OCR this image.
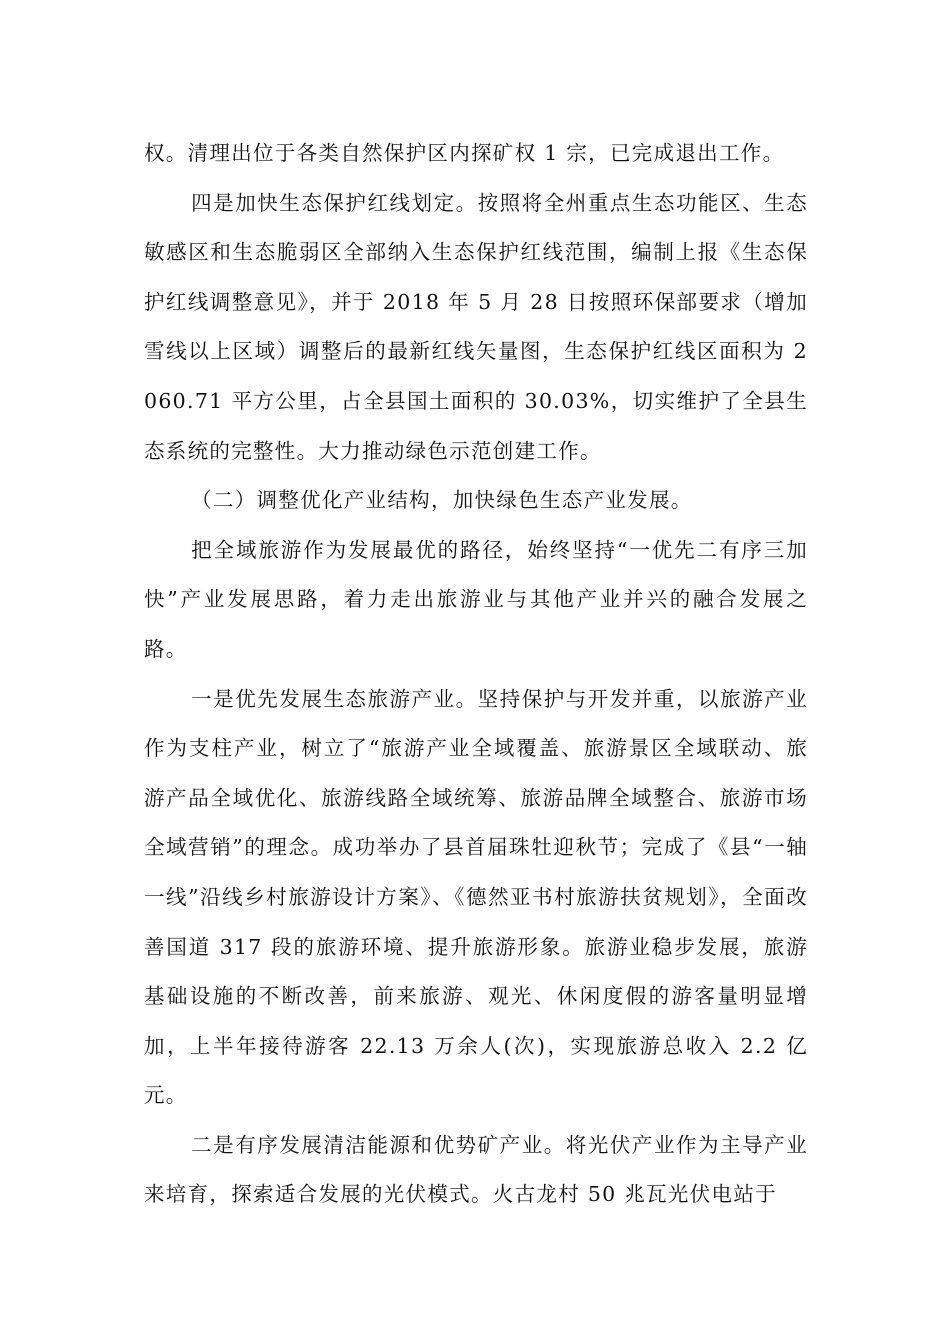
权。清理出位于各类自然保护区内探矿权 1 宗，已完成退出工作。

四是加快生态保护红线划定。按照将全州重点生态功能区、生态敏感区和生态脆弱区全部纳入生态保护红线范围，编制上报《生态保护红线调整意见》，并于 2018 年 5 月 28 日按照环保部要求（增加雪线以上区域）调整后的最新红线矢量图，生态保护红线区面积为 2060.71 平方公里，占全县国土面积的 30.03%，切实维护了全县生态系统的完整性。大力推动绿色示范创建工作。

（二）调整优化产业结构，加快绿色生态产业发展。

把全域旅游作为发展最优的路径，始终坚持“一优先二有序三加快”产业发展思路，着力走出旅游业与其他产业并兴的融合发展之路。

一是优先发展生态旅游产业。坚持保护与开发并重，以旅游产业作为支柱产业，树立了“旅游产业全域覆盖、旅游景区全域联动、旅游产品全域优化、旅游线路全域统筹、旅游品牌全域整合、旅游市场全域营销”的理念。成功举办了县首届珠牡迎秋节；完成了《县“一轴一线”沿线乡村旅游设计方案》、《德然亚书村旅游扶贫规划》，全面改善国道 317 段的旅游环境、提升旅游形象。旅游业稳步发展，旅游基础设施的不断改善，前来旅游、观光、休闲度假的游客量明显增加，上半年接待游客 22.13 万余人(次)，实现旅游总收入 2.2 亿元。

二是有序发展清洁能源和优势矿产业。将光伏产业作为主导产业来培育，探索适合发展的光伏模式。火古龙村 50 兆瓦光伏电站于
